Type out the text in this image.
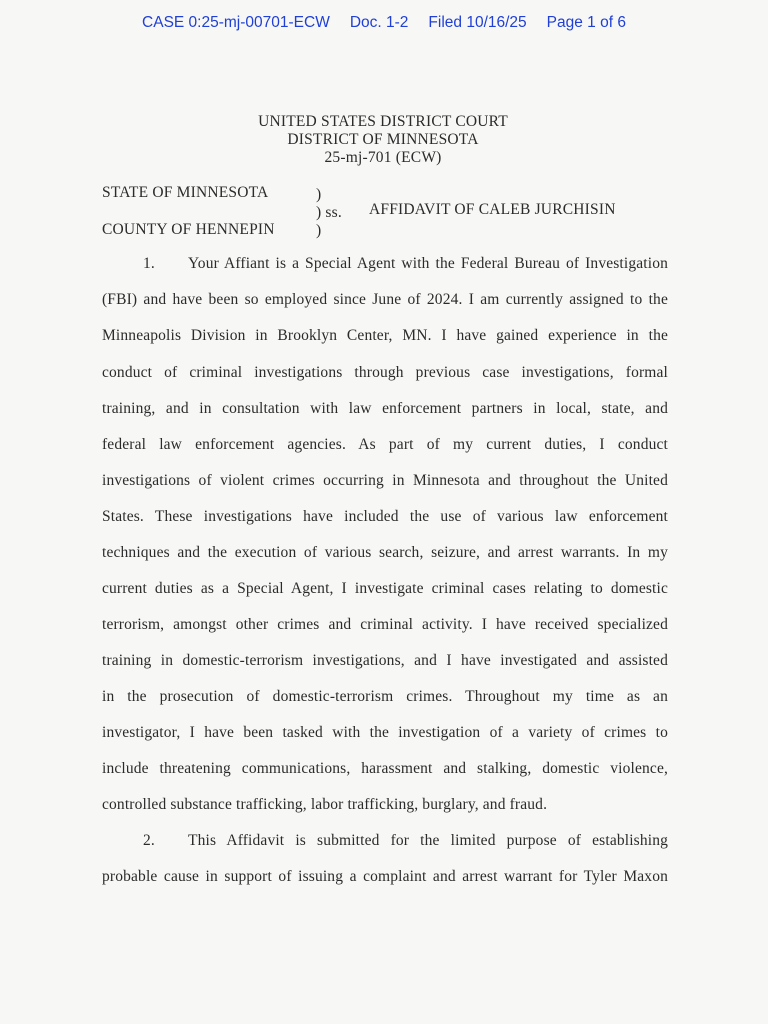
CASE 0:25-mj-00701-ECW Doc. 1-2 Filed 10/16/25 Page 1 of 6
UNITED STATES DISTRICT COURT
DISTRICT OF MINNESOTA
25-mj-701 (ECW)
STATE OF MINNESOTA
COUNTY OF HENNEPIN
)
) ss.
)
AFFIDAVIT OF CALEB JURCHISIN
1. Your Affiant is a Special Agent with the Federal Bureau of Investigation
(FBI) and have been so employed since June of 2024. I am currently assigned to the
Minneapolis Division in Brooklyn Center, MN. I have gained experience in the
conduct of criminal investigations through previous case investigations, formal
training, and in consultation with law enforcement partners in local, state, and
federal law enforcement agencies. As part of my current duties, I conduct
investigations of violent crimes occurring in Minnesota and throughout the United
States. These investigations have included the use of various law enforcement
techniques and the execution of various search, seizure, and arrest warrants. In my
current duties as a Special Agent, I investigate criminal cases relating to domestic
terrorism, amongst other crimes and criminal activity. I have received specialized
training in domestic-terrorism investigations, and I have investigated and assisted
in the prosecution of domestic-terrorism crimes. Throughout my time as an
investigator, I have been tasked with the investigation of a variety of crimes to
include threatening communications, harassment and stalking, domestic violence,
controlled substance trafficking, labor trafficking, burglary, and fraud.
2. This Affidavit is submitted for the limited purpose of establishing
probable cause in support of issuing a complaint and arrest warrant for Tyler Maxon
